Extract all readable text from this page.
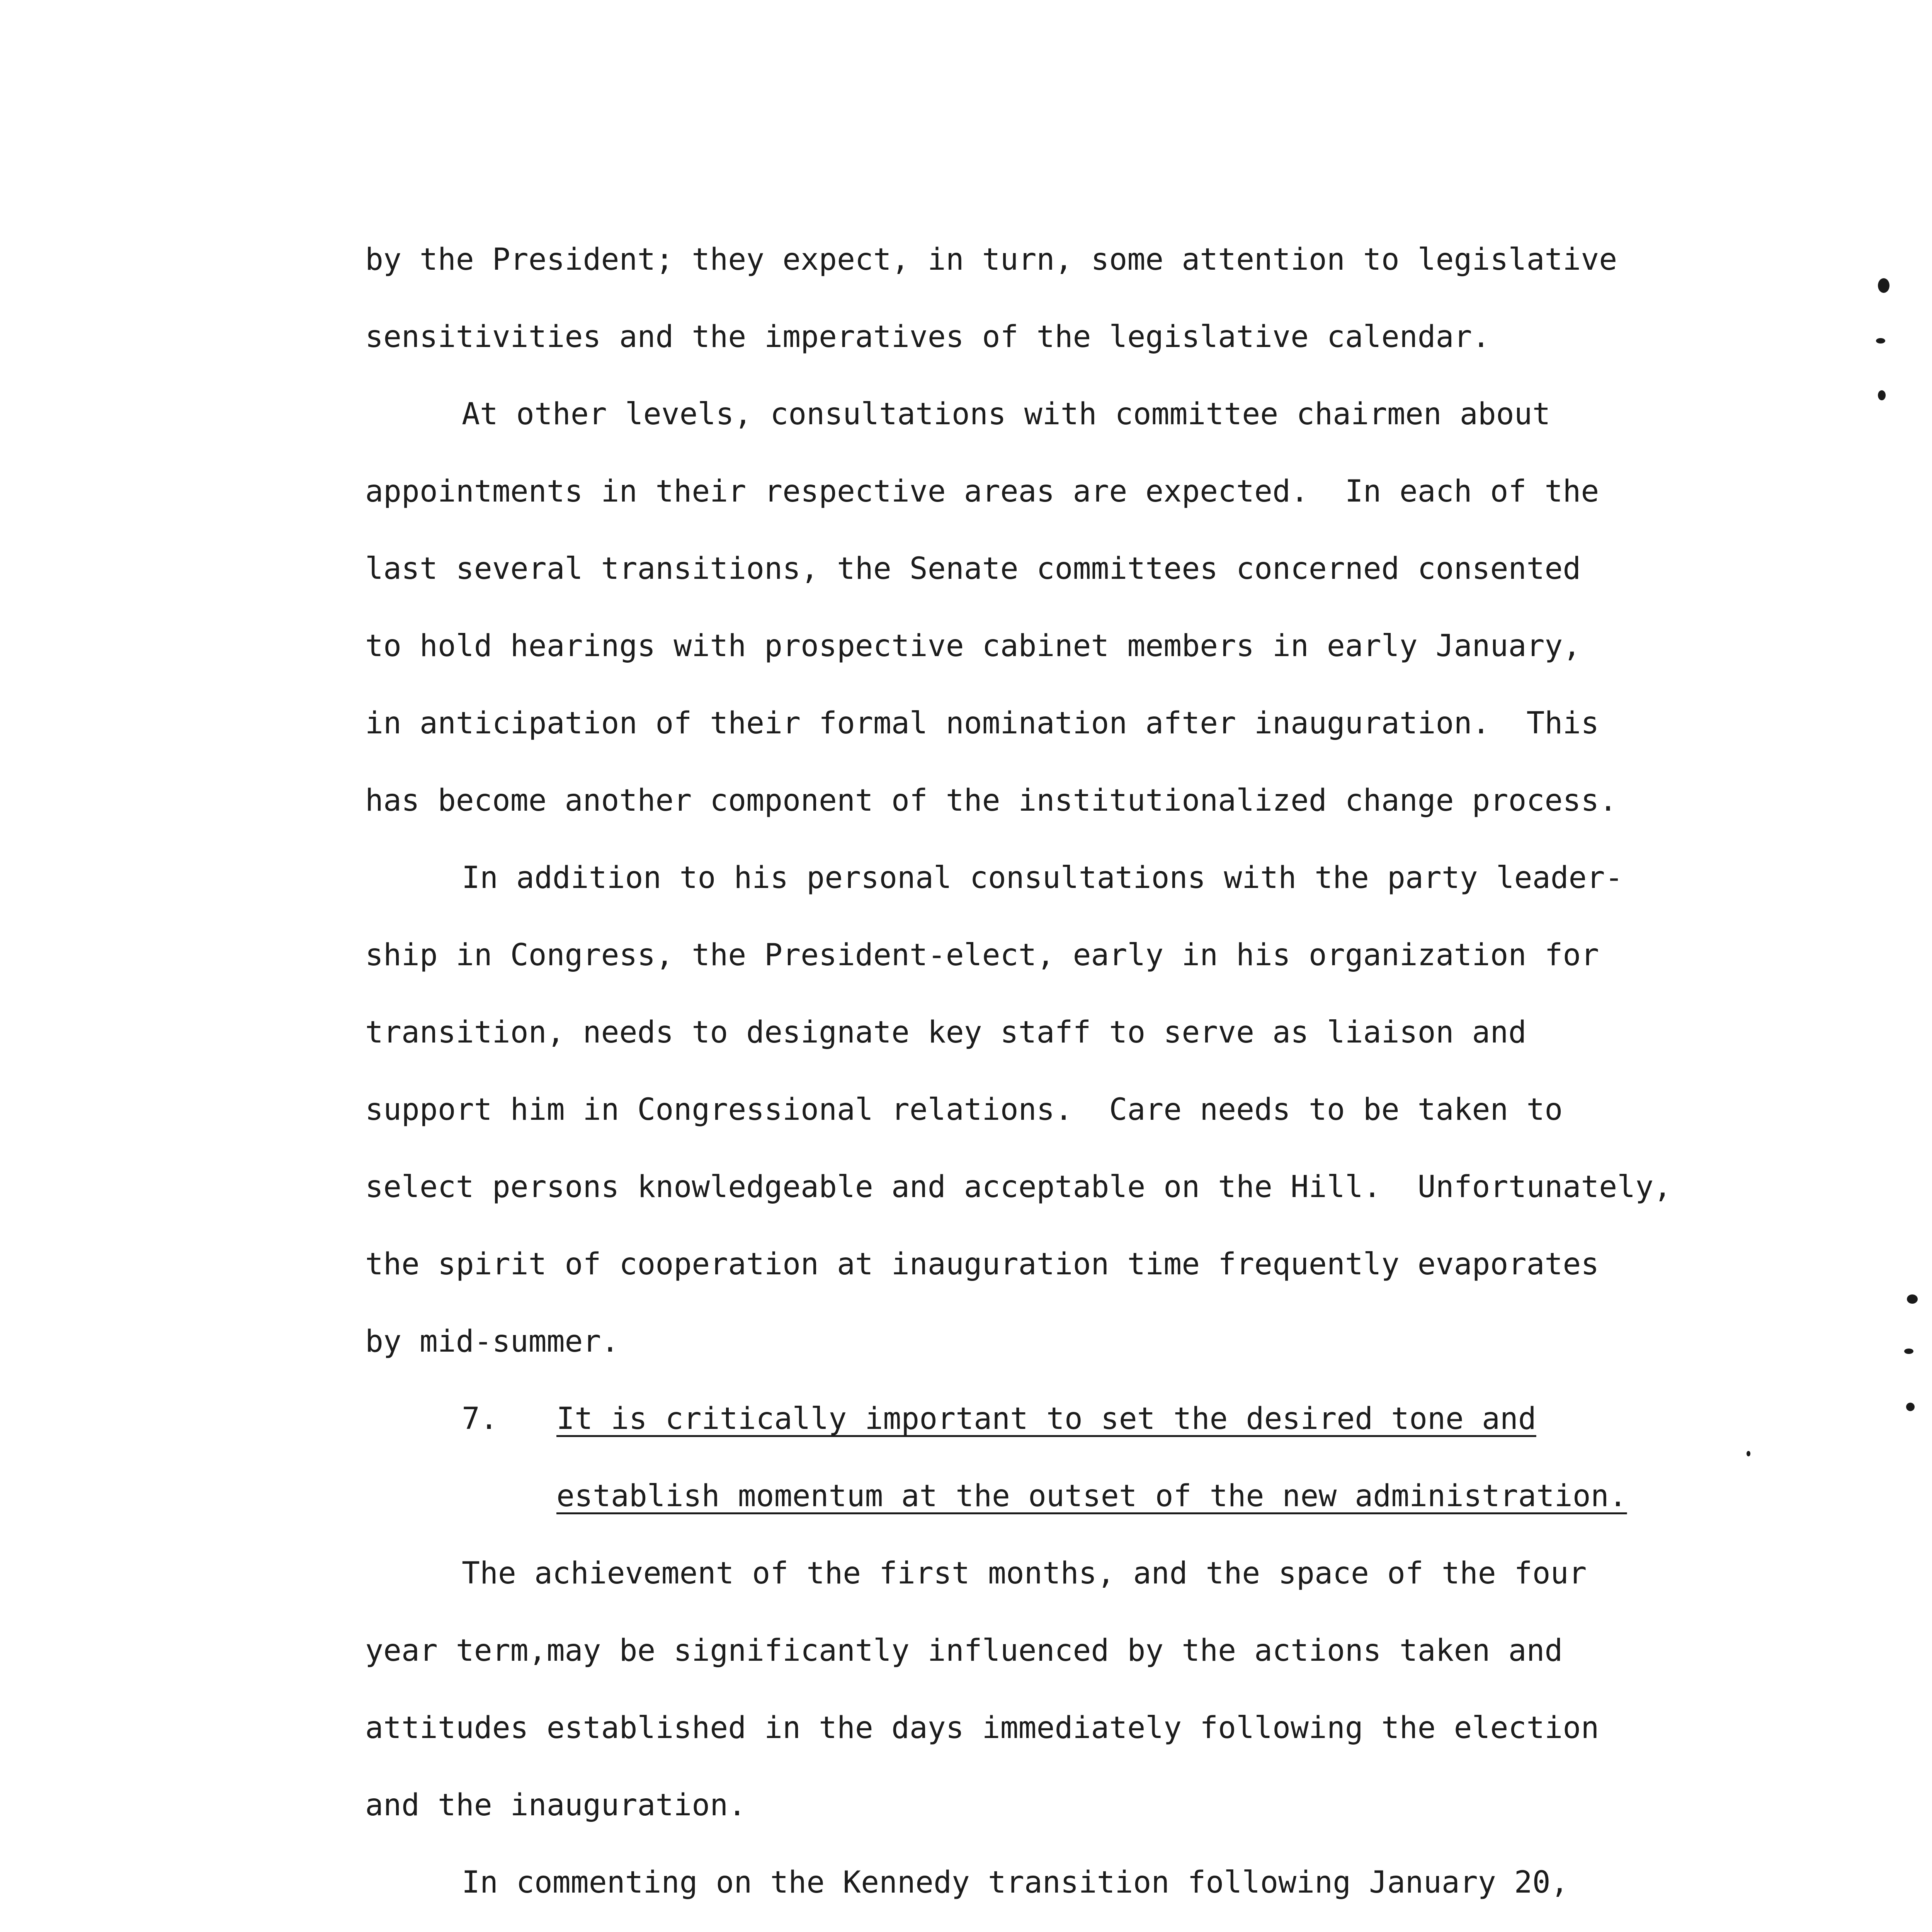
by the President; they expect, in turn, some attention to legislative
sensitivities and the imperatives of the legislative calendar.
At other levels, consultations with committee chairmen about
appointments in their respective areas are expected.  In each of the
last several transitions, the Senate committees concerned consented
to hold hearings with prospective cabinet members in early January,
in anticipation of their formal nomination after inauguration.  This
has become another component of the institutionalized change process.
In addition to his personal consultations with the party leader-
ship in Congress, the President-elect, early in his organization for
transition, needs to designate key staff to serve as liaison and
support him in Congressional relations.  Care needs to be taken to
select persons knowledgeable and acceptable on the Hill.  Unfortunately,
the spirit of cooperation at inauguration time frequently evaporates
by mid-summer.
7. It is critically important to set the desired tone and
establish momentum at the outset of the new administration.
The achievement of the first months, and the space of the four
year term,may be significantly influenced by the actions taken and
attitudes established in the days immediately following the election
and the inauguration.
In commenting on the Kennedy transition following January 20,
